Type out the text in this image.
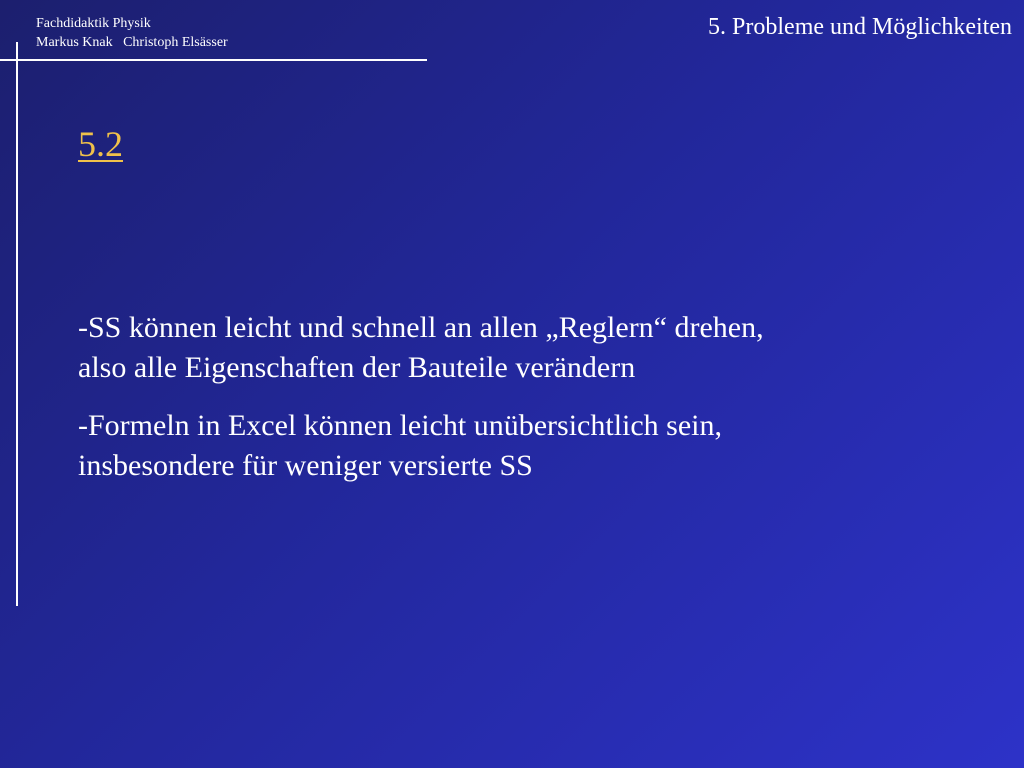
Fachdidaktik Physik
Markus Knak   Christoph Elsässer
5. Probleme und Möglichkeiten
5.2

-SS können leicht und schnell an allen „Reglern“ drehen,
also alle Eigenschaften der Bauteile verändern

-Formeln in Excel können leicht unübersichtlich sein,
insbesondere für weniger versierte SS
